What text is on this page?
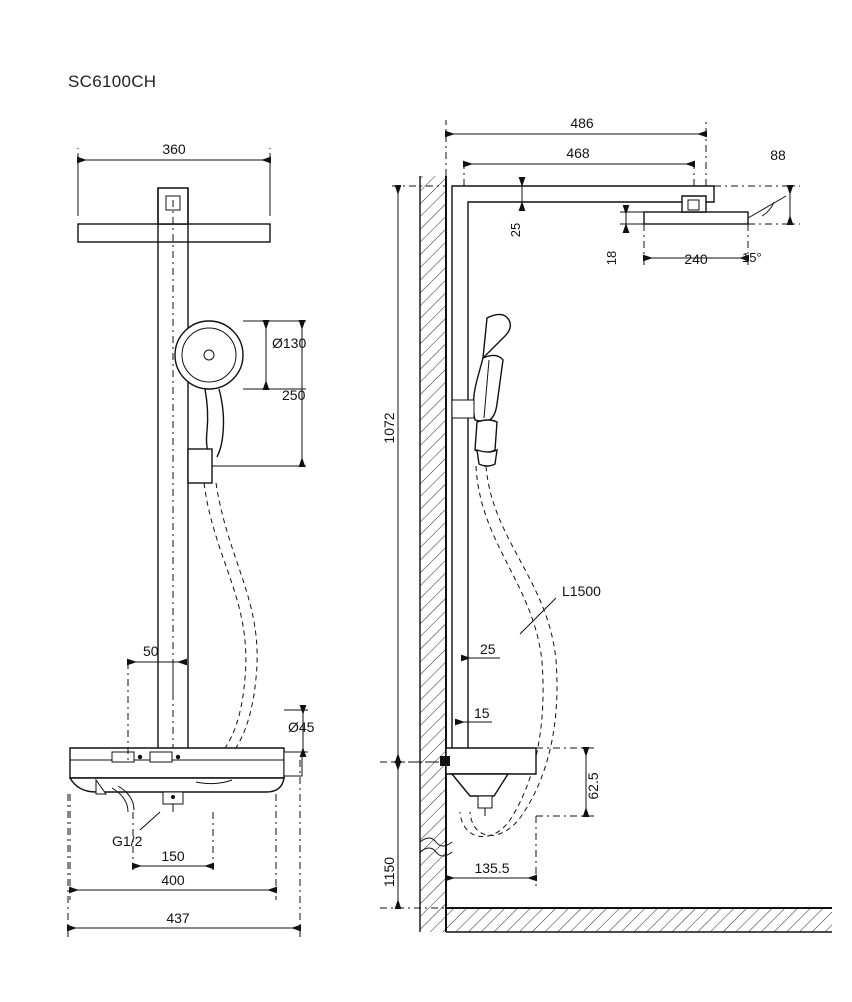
SC6100CH
360
Ø130
250
50
Ø45
G1/2
150
400
437
15°
486
468	88
25
18	240
1072
L1500
25
15
62.5
135.5
1150
